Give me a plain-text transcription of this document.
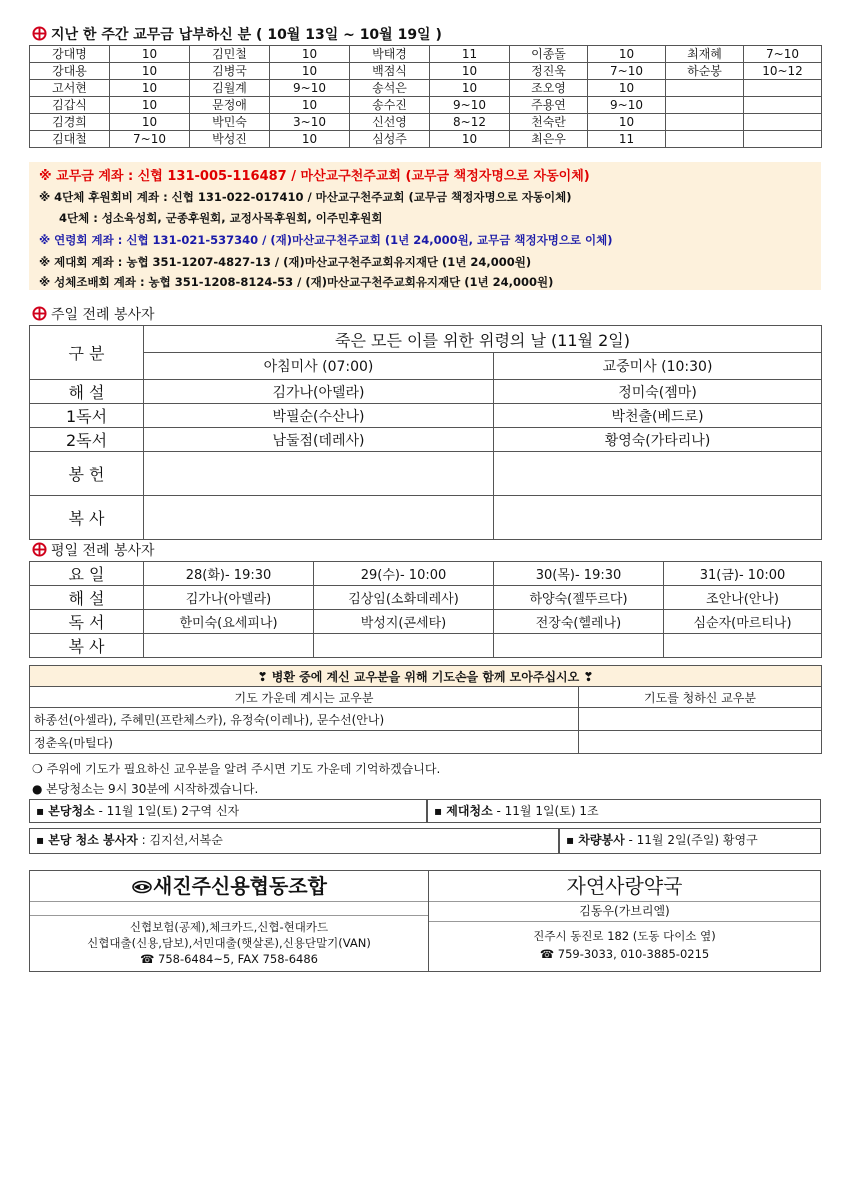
지난 한 주간 교무금 납부하신 분 ( 10월 13일 ~ 10월 19일 )
강대명	10	김민철	10	박태경	11	이종돌	10	최재혜	7~10
강대용	10	김병국	10	백점식	10	정진욱	7~10	하순봉	10~12
고서현	10	김월계	9~10	송석은	10	조오영	10		
김갑식	10	문정애	10	송수진	9~10	주용연	9~10		
김경희	10	박민숙	3~10	신선영	8~12	천숙란	10		
김대철	7~10	박성진	10	심성주	10	최은우	11		
※ 교무금 계좌 : 신협 131-005-116487 / 마산교구천주교회 (교무금 책정자명으로 자동이체)
※ 4단체 후원회비 계좌 : 신협 131-022-017410 / 마산교구천주교회 (교무금 책정자명으로 자동이체)
4단체 : 성소육성회, 군종후원회, 교정사목후원회, 이주민후원회
※ 연령회 계좌 : 신협 131-021-537340 / (재)마산교구천주교회 (1년 24,000원, 교무금 책정자명으로 이체)
※ 제대회 계좌 : 농협 351-1207-4827-13 / (재)마산교구천주교회유지재단 (1년 24,000원)
※ 성체조배회 계좌 : 농협 351-1208-8124-53 / (재)마산교구천주교회유지재단 (1년 24,000원)
주일 전례 봉사자
구 분	죽은 모든 이를 위한 위령의 날 (11월 2일)	
	아침미사 (07:00)	교중미사 (10:30)
해 설	김가나(아델라)	정미숙(젬마)
1독서	박필순(수산나)	박천출(베드로)
2독서	남둘점(데레사)	황영숙(가타리나)
봉 헌		
복 사		
평일 전례 봉사자
요 일	28(화)- 19:30	29(수)- 10:00	30(목)- 19:30	31(금)- 10:00
해 설	김가나(아델라)	김상임(소화데레사)	하양숙(젤뚜르다)	조안나(안나)
독 서	한미숙(요세피나)	박성지(콘세타)	전장숙(헬레나)	심순자(마르티나)
복 사				
❣ 병환 중에 계신 교우분을 위해 기도손을 함께 모아주십시오 ❣	
기도 가운데 계시는 교우분	기도를 청하신 교우분
하종선(아셀라), 주혜민(프란체스카), 유정숙(이레나), 문수선(안나)	
정춘옥(마틸다)	
❍ 주위에 기도가 필요하신 교우분을 알려 주시면 기도 가운데 기억하겠습니다.
● 본당청소는 9시 30분에 시작하겠습니다.
▪ 본당청소 - 11월 1일(토) 2구역 신자	▪ 제대청소 - 11월 1일(토) 1조
▪ 본당 청소 봉사자 : 김지선,서복순	▪ 차량봉사 - 11월 2일(주일) 황영구
새진주신용협동조합
신협보험(공제),체크카드,신협-현대카드
신협대출(신용,담보),서민대출(햇살론),신용단말기(VAN)
☎ 758-6484~5, FAX 758-6486
자연사랑약국
김동우(가브리엘)
진주시 동진로 182 (도동 다이소 옆)
☎ 759-3033, 010-3885-0215
